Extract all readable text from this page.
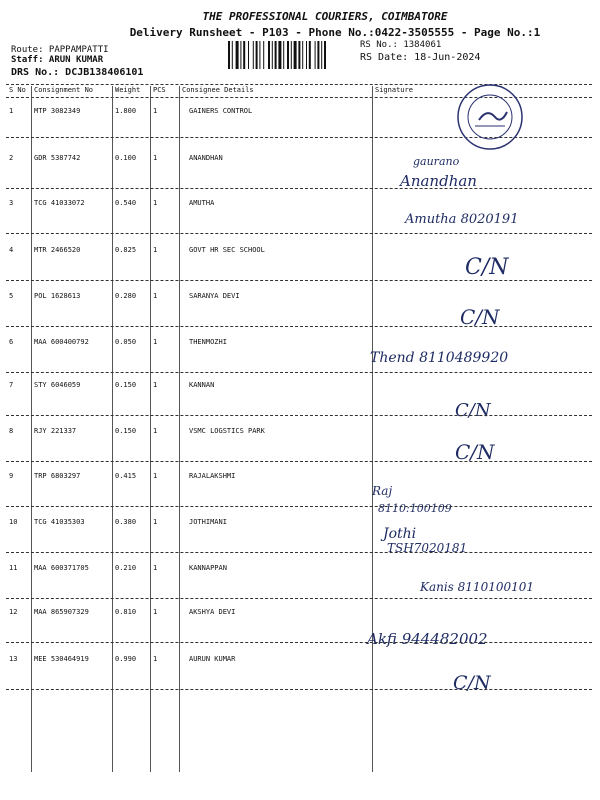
THE PROFESSIONAL COURIERS, COIMBATORE
Delivery Runsheet - P103 - Phone No.:0422-3505555 - Page No.:1
Route: PAPPAMPATTI
Staff: ARUN KUMAR
DRS No.: DCJB138406101
RS No.: 1384061
RS Date: 18-Jun-2024
S No Consignment No	Weight PCS Consignee Details	Signature
1	MTP 3082349	1.800 1	GAINERS CONTROL
2	GDR 5387742	0.100 1	ANANDHAN	gaurano
Anandhan
3	TCG 41033072	0.540 1	AMUTHA
Amutha 8020191
4	MTR 2466520	0.825 1	GOVT HR SEC SCHOOL
C/N
5	POL 1628613	0.280 1	SARANYA DEVI
C/N
6	MAA 600400792	0.050 1	THENMOZHI
Thend 8110489920
7	STY 6046059	0.150 1	KANNAN
C/N
8	RJY 221337	0.150 1	VSMC LOGSTICS PARK
C/N
9	TRP 6803297	0.415 1	RAJALAKSHMI
Raj
8110:100109
10 TCG 41035303	0.380 1	JOTHIMANI
Jothi
TSH7020181
11 MAA 600371705	0.210 1	KANNAPPAN
Kanis 8110100101
12 MAA 865907329	0.810 1	AKSHYA DEVI
Akfi 944482002
13 MEE 530464919	0.990 1	AURUN KUMAR
C/N
